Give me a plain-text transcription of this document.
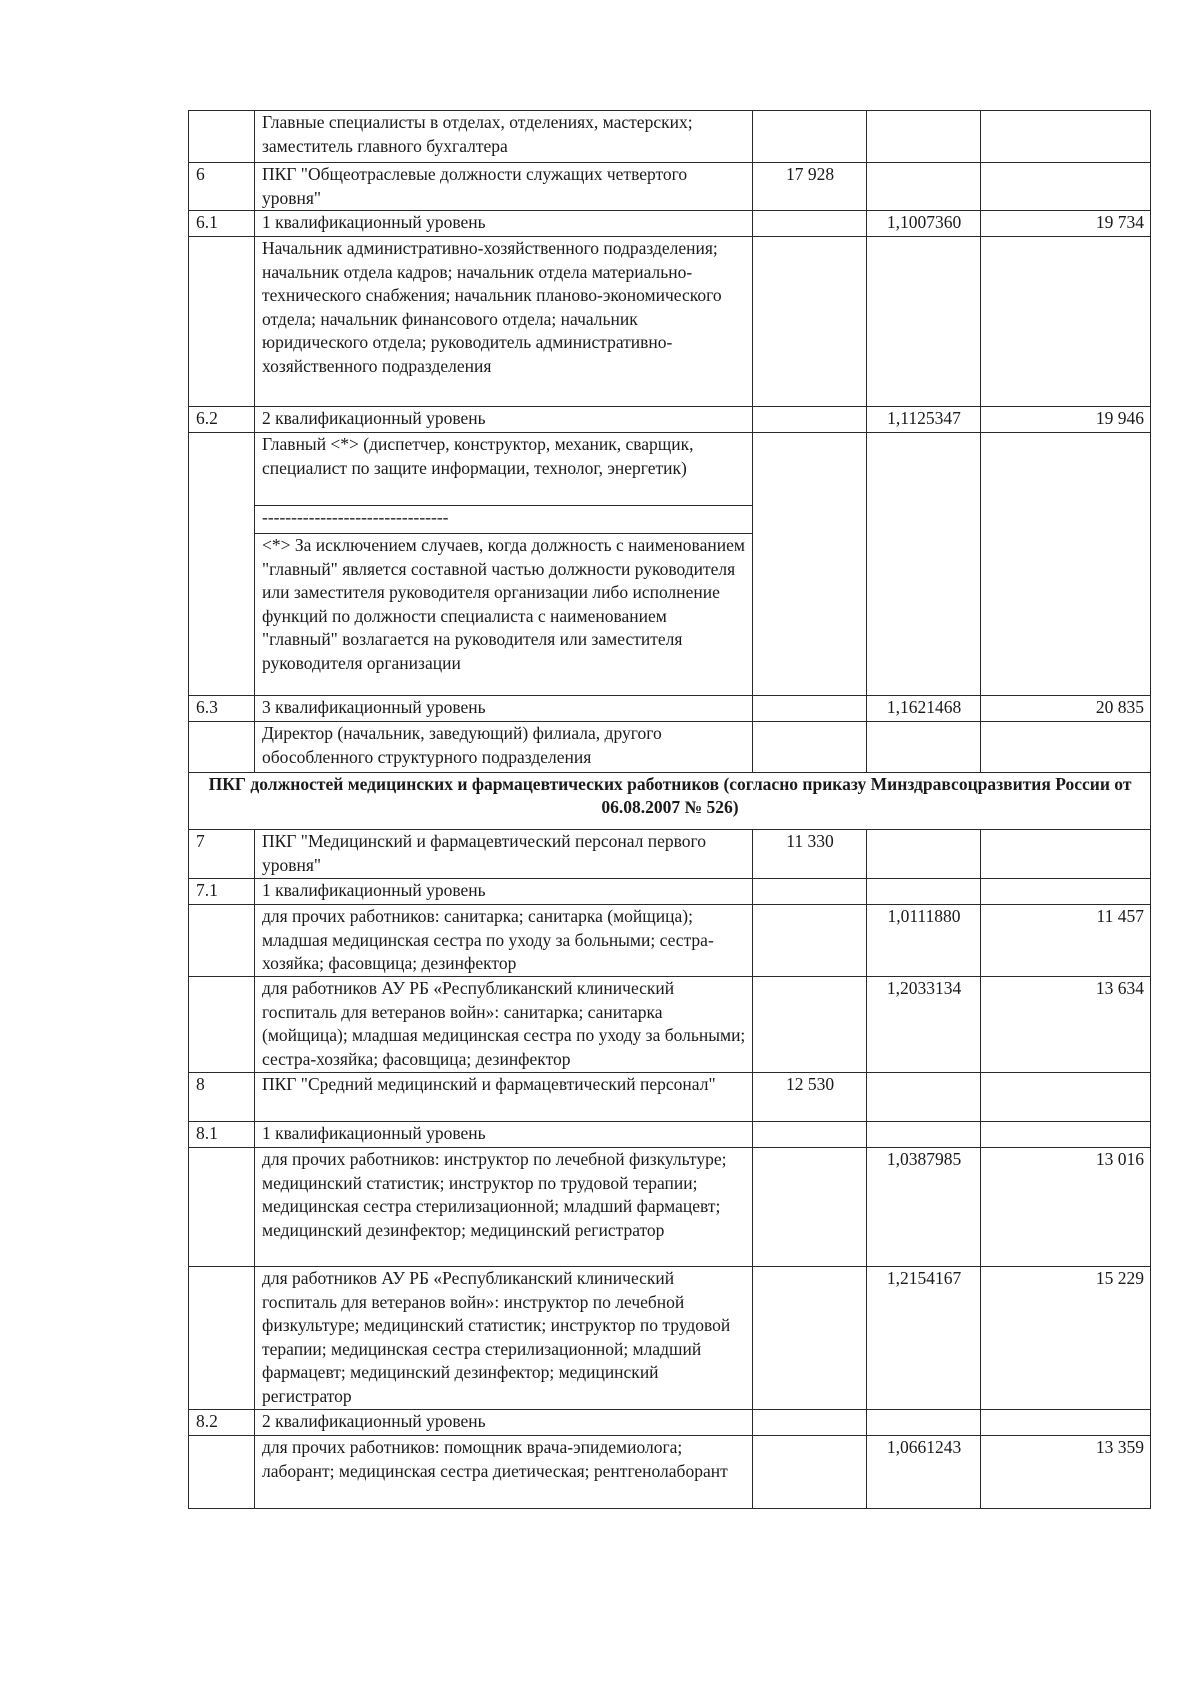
	Главные специалисты в отделах, отделениях, мастерских; заместитель главного бухгалтера			
6	ПКГ "Общеотраслевые должности служащих четвертого уровня"	17 928		
6.1	1 квалификационный уровень		1,1007360	19 734
	Начальник административно-хозяйственного подразделения; начальник отдела кадров; начальник отдела материально-технического снабжения; начальник планово-экономического отдела; начальник финансового отдела; начальник юридического отдела; руководитель административно-хозяйственного подразделения			
6.2	2 квалификационный уровень		1,1125347	19 946
	Главный <*> (диспетчер, конструктор, механик, сварщик, специалист по защите информации, технолог, энергетик)			
	--------------------------------			
	<*> За исключением случаев, когда должность с наименованием "главный" является составной частью должности руководителя или заместителя руководителя организации либо исполнение функций по должности специалиста с наименованием "главный" возлагается на руководителя или заместителя руководителя организации			
6.3	3 квалификационный уровень		1,1621468	20 835
	Директор (начальник, заведующий) филиала, другого обособленного структурного подразделения			
ПКГ должностей медицинских и фармацевтических работников (согласно приказу Минздравсоцразвития России от 06.08.2007 № 526)				
7	ПКГ "Медицинский и фармацевтический персонал первого уровня"	11 330		
7.1	1 квалификационный уровень			
	для прочих работников: санитарка; санитарка (мойщица); младшая медицинская сестра по уходу за больными; сестра-хозяйка; фасовщица; дезинфектор		1,0111880	11 457
	для работников АУ РБ «Республиканский клинический госпиталь для ветеранов войн»: санитарка; санитарка (мойщица); младшая медицинская сестра по уходу за больными; сестра-хозяйка; фасовщица; дезинфектор		1,2033134	13 634
8	ПКГ "Средний медицинский и фармацевтический персонал"	12 530		
8.1	1 квалификационный уровень			
	для прочих работников: инструктор по лечебной физкультуре; медицинский статистик; инструктор по трудовой терапии; медицинская сестра стерилизационной; младший фармацевт; медицинский дезинфектор; медицинский регистратор		1,0387985	13 016
	для работников АУ РБ «Республиканский клинический госпиталь для ветеранов войн»: инструктор по лечебной физкультуре; медицинский статистик; инструктор по трудовой терапии; медицинская сестра стерилизационной; младший фармацевт; медицинский дезинфектор; медицинский регистратор		1,2154167	15 229
8.2	2 квалификационный уровень			
	для прочих работников: помощник врача-эпидемиолога; лаборант; медицинская сестра диетическая; рентгенолаборант		1,0661243	13 359
